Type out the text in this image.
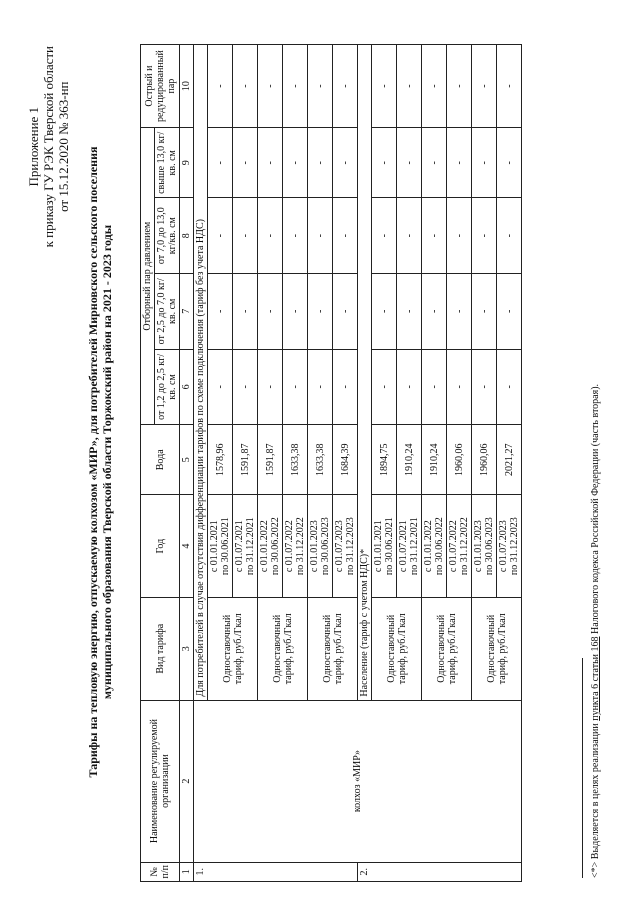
Приложение 1 к приказу ГУ РЭК Тверской области от 15.12.2020 № 363-нп Тарифы на тепловую энергию, отпускаемую колхозом «МИР», для потребителей Мирновского сельского поселения муниципального образования Тверской области Торжокский район на 2021 - 2023 годы
№ п/п	Наименование регулируемой организации	Вид тарифа	Год	Вода	Отборный пар давлением				Острый и редуцированный пар
					от 1,2 до 2,5 кг/кв. см	от 2,5 до 7,0 кг/кв. см	от 7,0 до 13,0 кг/кв. см	свыше 13,0 кг/кв. см	
1	2	3	4	5	6	7	8	9	10
1.	колхоз «МИР»	Для потребителей в случае отсутствия дифференциации тарифов по схеме подключения (тариф без учета НДС)							
		Одноставочный тариф, руб./Гкал	с 01.01.2021 по 30.06.2021	1578,96	-	-	-	-	-

			с 01.07.2021 по 31.12.2021	1591,87	-	-	-	-	-
		Одноставочный тариф, руб./Гкал	с 01.01.2022 по 30.06.2022	1591,87	-	-	-	-	-

			с 01.07.2022 по 31.12.2022	1633,38	-	-	-	-	-
		Одноставочный тариф, руб./Гкал	с 01.01.2023 по 30.06.2023	1633,38	-	-	-	-	-

			с 01.07.2023 по 31.12.2023	1684,39	-	-	-	-	-
2.		Население (тариф с учетом НДС)*							
		Одноставочный тариф, руб./Гкал	с 01.01.2021 по 30.06.2021	1894,75	-	-	-	-	-

			с 01.07.2021 по 31.12.2021	1910,24	-	-	-	-	-
		Одноставочный тариф, руб./Гкал	с 01.01.2022 по 30.06.2022	1910,24	-	-	-	-	-

			с 01.07.2022 по 31.12.2022	1960,06	-	-	-	-	-
		Одноставочный тариф, руб./Гкал	с 01.01.2023 по 30.06.2023	1960,06	-	-	-	-	-

			с 01.07.2023 по 31.12.2023	2021,27	-	-	-	-	-
<*> Выделяется в целях реализации пункта 6 статьи 168 Налогового кодекса Российской Федерации (часть вторая).
